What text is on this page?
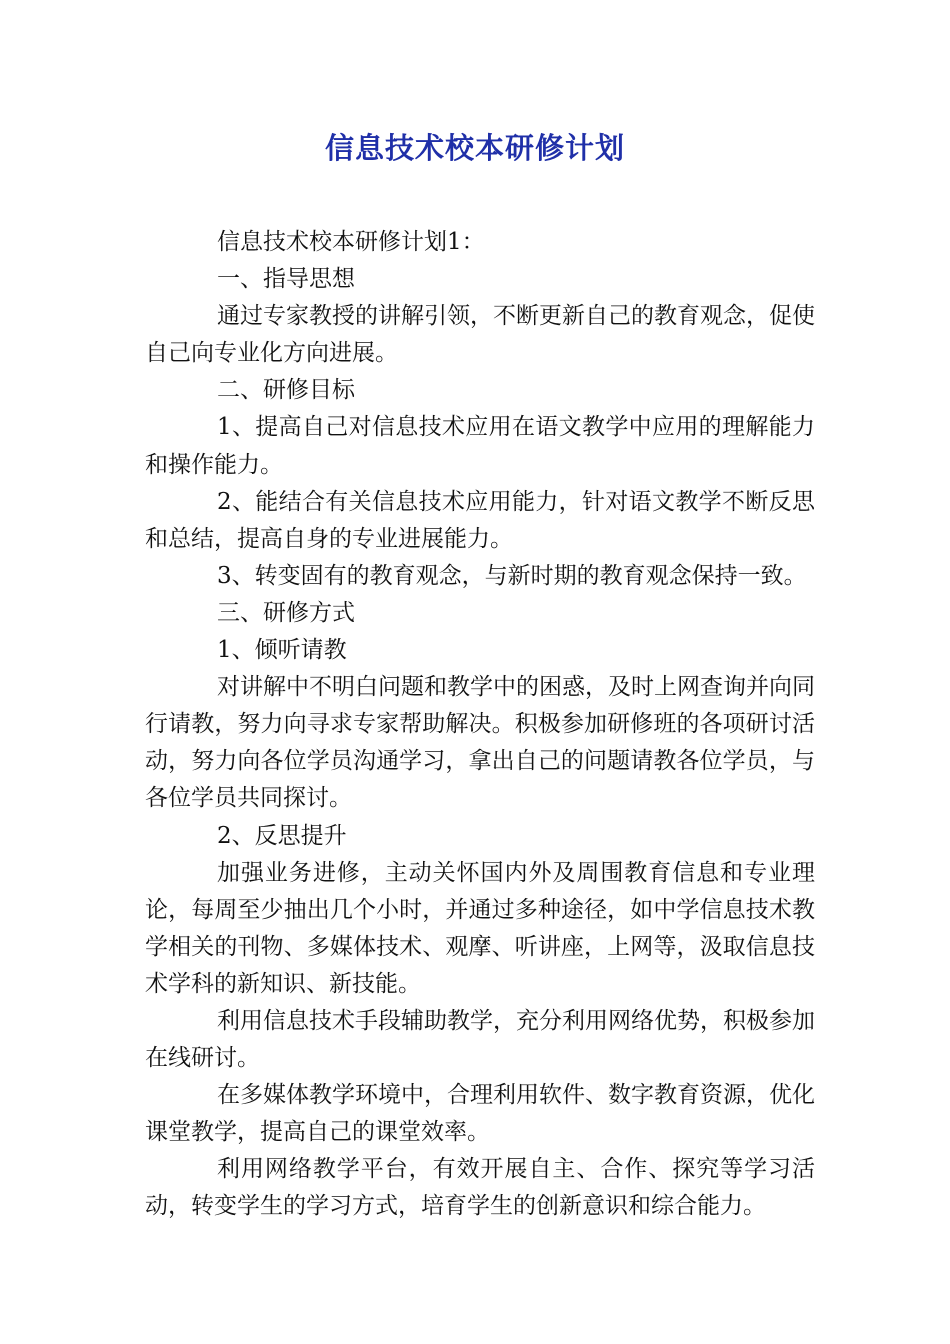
信息技术校本研修计划

信息技术校本研修计划1：

一、指导思想

通过专家教授的讲解引领，不断更新自己的教育观念，促使自己向专业化方向进展。

二、研修目标

1、提高自己对信息技术应用在语文教学中应用的理解能力和操作能力。

2、能结合有关信息技术应用能力，针对语文教学不断反思和总结，提高自身的专业进展能力。

3、转变固有的教育观念，与新时期的教育观念保持一致。

三、研修方式

1、倾听请教

对讲解中不明白问题和教学中的困惑，及时上网查询并向同行请教，努力向寻求专家帮助解决。积极参加研修班的各项研讨活动，努力向各位学员沟通学习，拿出自己的问题请教各位学员，与各位学员共同探讨。

2、反思提升

加强业务进修，主动关怀国内外及周围教育信息和专业理论，每周至少抽出几个小时，并通过多种途径，如中学信息技术教学相关的刊物、多媒体技术、观摩、听讲座，上网等，汲取信息技术学科的新知识、新技能。

利用信息技术手段辅助教学，充分利用网络优势，积极参加在线研讨。

在多媒体教学环境中，合理利用软件、数字教育资源，优化课堂教学，提高自己的课堂效率。

利用网络教学平台，有效开展自主、合作、探究等学习活动，转变学生的学习方式，培育学生的创新意识和综合能力。
